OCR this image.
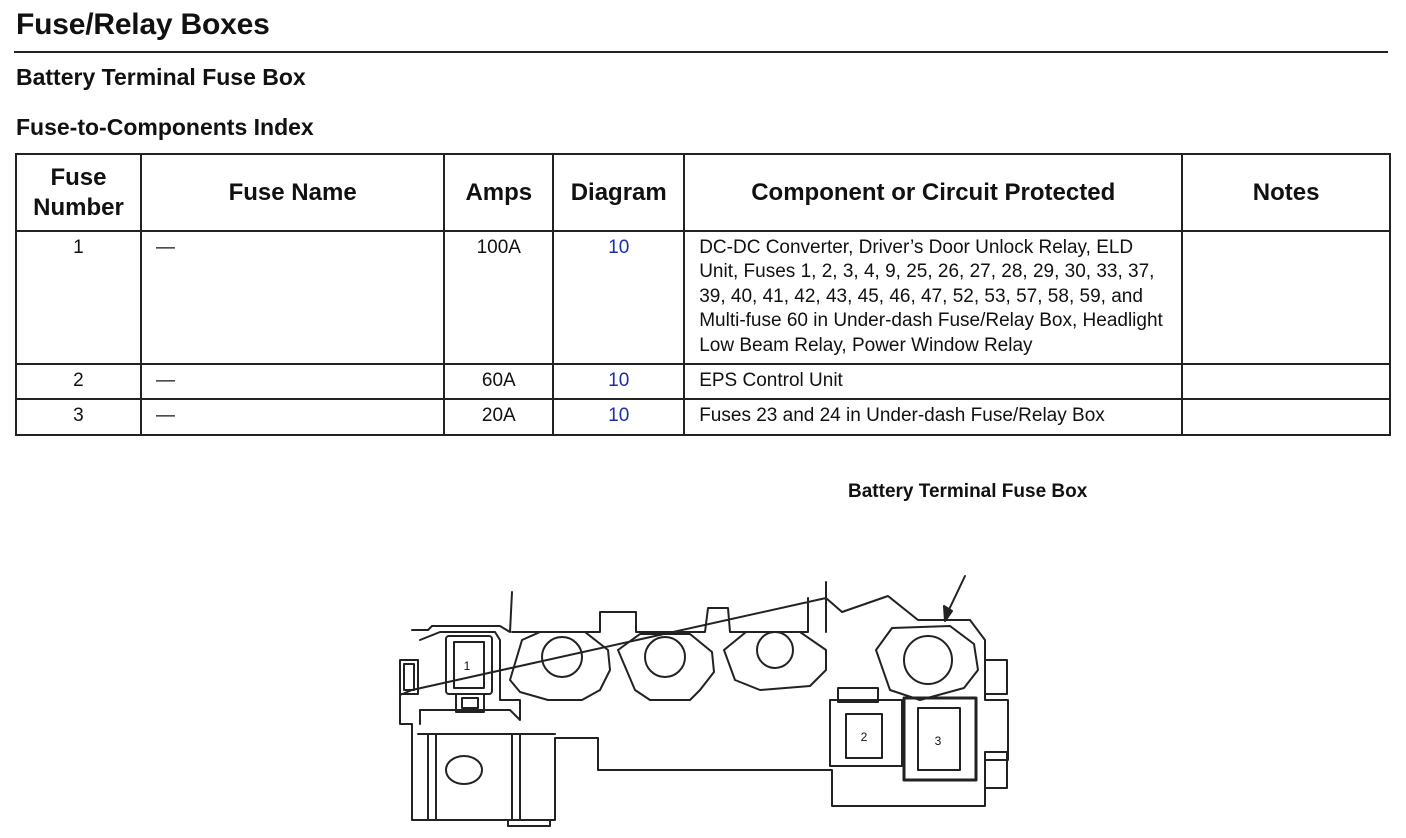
Fuse/Relay Boxes
Battery Terminal Fuse Box
Fuse-to-Components Index
Fuse Number	Fuse Name	Amps	Diagram	Component or Circuit Protected	Notes
1	—	100A	10	DC-DC Converter, Driver’s Door Unlock Relay, ELD Unit, Fuses 1, 2, 3, 4, 9, 25, 26, 27, 28, 29, 30, 33, 37, 39, 40, 41, 42, 43, 45, 46, 47, 52, 53, 57, 58, 59, and Multi-fuse 60 in Under-dash Fuse/Relay Box, Headlight Low Beam Relay, Power Window Relay	
2	—	60A	10	EPS Control Unit	
3	—	20A	10	Fuses 23 and 24 in Under-dash Fuse/Relay Box	
Battery Terminal Fuse Box
1
2	3
